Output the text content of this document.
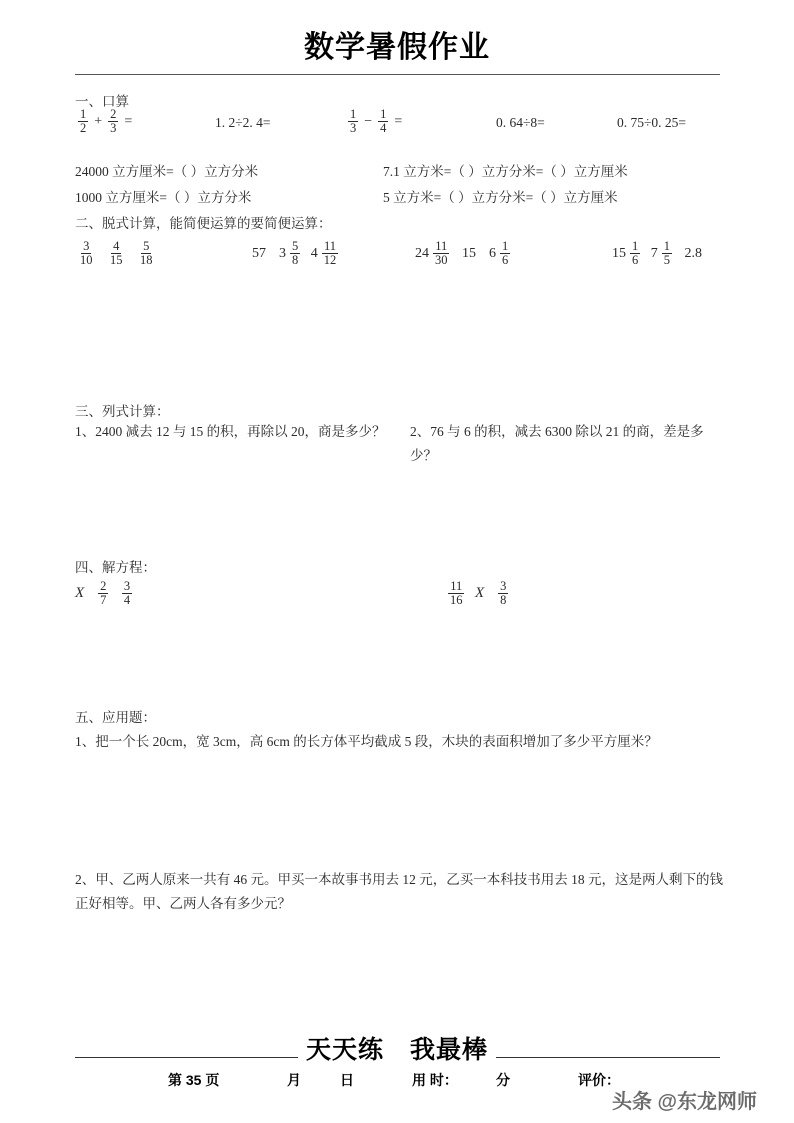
数学暑假作业
一、口算
$\frac{1}{2} + \frac{2}{3}$ =	1. 2÷2. 4=	$\frac{1}{3} - \frac{1}{4}$ =	0. 64÷8=	0. 75÷0. 25=
24000 立方厘米=（ ）立方分米	7.1 立方米=（ ）立方分米=（ ）立方厘米
1000 立方厘米=（ ）立方分米	5 立方米=（ ）立方分米=（ ）立方厘米
二、脱式计算，能简便运算的要简便运算：
$\frac{3}{10}$
$\frac{4}{15}$
$\frac{5}{18}$	57
$3 \frac{5}{8}$
$4 \frac{11}{12}$	$24 \frac{11}{30}$
15
$6 \frac{1}{6}$	$15 \frac{1}{6}$
$7 \frac{1}{5}$
2.8
三、列式计算：
1、2400 减去 12 与 15 的积，再除以 20，商是多少？	2、76 与 6 的积，减去 6300 除以 21 的商，差是多少？
四、解方程：
X
$\frac{2}{7}$
$\frac{3}{4}$	$\frac{11}{16}$
X
$\frac{3}{8}$
五、应用题：
1、把一个长 20cm，宽 3cm，高 6cm 的长方体平均截成 5 段，木块的表面积增加了多少平方厘米？
2、甲、乙两人原来一共有 46 元。甲买一本故事书用去 12 元，乙买一本科技书用去 18 元，这是两人剩下的钱正好相等。甲、乙两人各有多少元？
天天练　我最棒
第 35 页	月	日	用 时：	分	评价：
头条 @东龙网师
